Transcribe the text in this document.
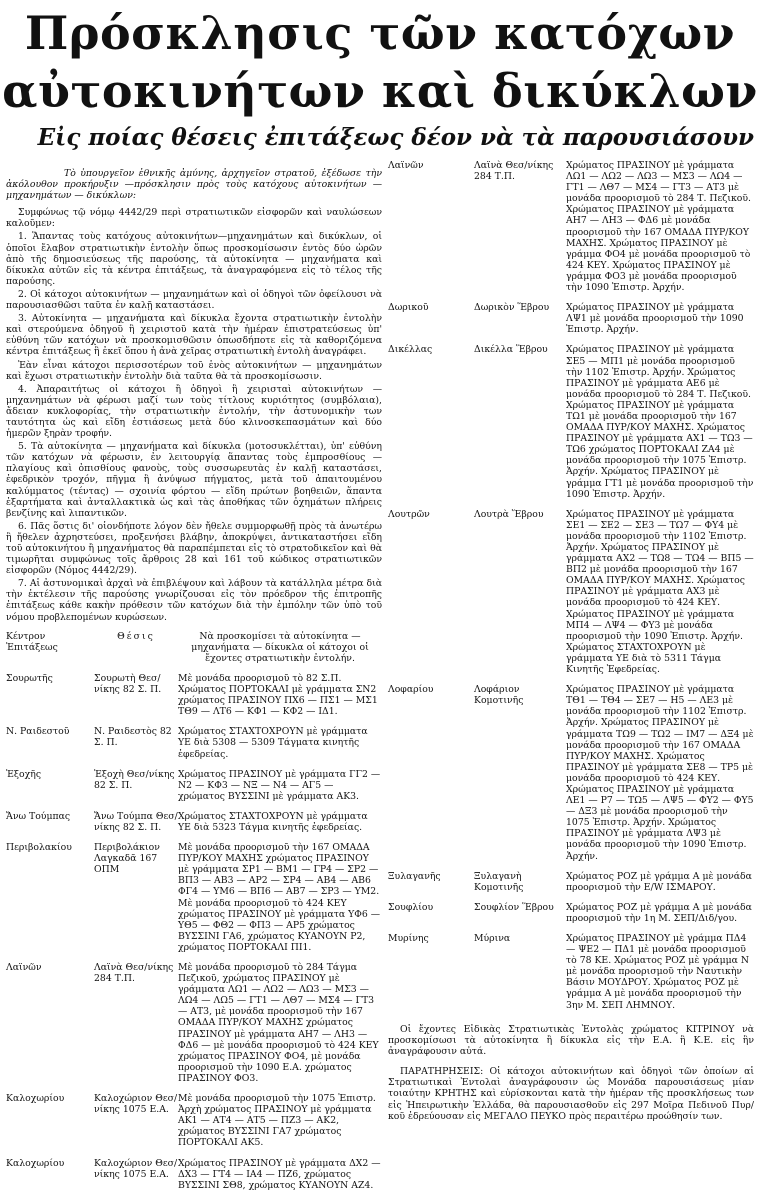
Πρόσκλησις τῶν κατόχων
αὐτοκινήτων καὶ δικύκλων
Εἰς ποίας θέσεις ἐπιτάξεως δέον νὰ τὰ παρουσιάσουν

Τὸ ὑπουργεῖον ἐθνικῆς ἀμύνης, ἀρχηγεῖον στρατοῦ, ἐξέδωσε τὴν ἀκόλουθον προκήρυξιν —πρόσκλησιν πρὸς τοὺς κατόχους αὐτοκινήτων — μηχανημάτων — δικύκλων:

Συμφώνως τῷ νόμῳ 4442/29 περὶ στρατιωτικῶν εἰσφορῶν καὶ ναυλώσεων καλοῦμεν:

1. Ἅπαντας τοὺς κατόχους αὐτοκινήτων—μηχανημάτων καὶ δικύκλων, οἱ ὁποῖοι ἔλαβον στρατιωτικὴν ἐντολὴν ὅπως προσκομίσωσιν ἐντὸς δύο ὡρῶν ἀπὸ τῆς δημοσιεύσεως τῆς παρούσης, τὰ αὐτοκίνητα — μηχανήματα καὶ δίκυκλα αὐτῶν εἰς τὰ κέντρα ἐπιτάξεως, τὰ ἀναγραφόμενα εἰς τὸ τέλος τῆς παρούσης.

2. Οἱ κάτοχοι αὐτοκινήτων — μηχανημάτων καὶ οἱ ὁδηγοὶ τῶν ὀφείλουσι νὰ παρουσιασθῶσι ταῦτα ἐν καλῇ καταστάσει.

3. Αὐτοκίνητα — μηχανήματα καὶ δίκυκλα ἔχοντα στρατιωτικὴν ἐντολὴν καὶ στερούμενα ὁδηγοῦ ἢ χειριστοῦ κατὰ τὴν ἡμέραν ἐπιστρατεύσεως ὑπ' εὐθύνη τῶν κατόχων νὰ προσκομισθῶσιν ὁπωσδήποτε εἰς τὰ καθοριζόμενα κέντρα ἐπιτάξεως ἢ ἐκεῖ ὅπου ἡ ἀνὰ χεῖρας στρατιωτικὴ ἐντολὴ ἀναγράφει.

Ἐὰν εἶναι κάτοχοι περισσοτέρων τοῦ ἑνὸς αὐτοκινήτων — μηχανημάτων καὶ ἔχωσι στρατιωτικὴν ἐντολὴν διὰ ταῦτα θὰ τὰ προσκομίσωσιν.

4. Ἀπαραιτήτως οἱ κάτοχοι ἢ ὁδηγοὶ ἢ χειρισταὶ αὐτοκινήτων — μηχανημάτων νὰ φέρωσι μαζί των τοὺς τίτλους κυριότητος (συμβόλαια), ἄδειαν κυκλοφορίας, τὴν στρατιωτικὴν ἐντολήν, τὴν ἀστυνομικὴν των ταυτότητα ὡς καὶ εἴδη ἑστιάσεως μετὰ δύο κλινοσκεπασμάτων καὶ δύο ἡμερῶν ξηρὰν τροφήν.

5. Τὰ αὐτοκίνητα — μηχανήματα καὶ δίκυκλα (μοτοσυκλέτται), ὑπ' εὐθύνη τῶν κατόχων νὰ φέρωσιν, ἐν λειτουργίᾳ ἅπαντας τοὺς ἐμπροσθίους — πλαγίους καὶ ὀπισθίους φανοὺς, τοὺς συσσωρευτὰς ἐν καλῇ καταστάσει, ἐφεδρικὸν τροχόν, πῆγμα ἢ ἀνύψωσ πήγματος, μετὰ τοῦ ἀπαιτουμένου καλύμματος (τέντας) — σχοινία φόρτου — εἴδη πρώτων βοηθειῶν, ἅπαντα ἐξαρτήματα καὶ ἀνταλλακτικὰ ὡς καὶ τὰς ἀποθήκας τῶν ὀχημάτων πλήρεις βενζίνης καὶ λιπαντικῶν.

6. Πᾶς ὅστις δι' οἱονδήποτε λόγον δὲν ἤθελε συμμορφωθῇ πρὸς τὰ ἀνωτέρω ἢ ἤθελεν ἀχρηστεύσει, προξενήσει βλάβην, ἀποκρύψει, ἀντικαταστήσει εἴδη τοῦ αὐτοκινήτου ἢ μηχανήματος θὰ παραπέμπεται εἰς τὸ στρατοδικεῖον καὶ θὰ τιμωρῆται συμφώνως τοῖς ἄρθροις 28 καὶ 161 τοῦ κώδικος στρατιωτικῶν εἰσφορῶν (Νόμος 4442/29).

7. Αἱ ἀστυνομικαὶ ἀρχαὶ νὰ ἐπιβλέψουν καὶ λάβουν τὰ κατάλληλα μέτρα διὰ τὴν ἐκτέλεσιν τῆς παρούσης γνωρίζουσαι εἰς τὸν πρόεδρον τῆς ἐπιτροπῆς ἐπιτάξεως κάθε κακὴν πρόθεσιν τῶν κατόχων διὰ τὴν ἐμπόλην τῶν ὑπὸ τοῦ νόμου προβλεπομένων κυρώσεων.

Κέντρον Ἐπιτάξεως	Θέσις	Νὰ προσκομίσει τὰ αὐτοκίνητα — μηχανήματα — δίκυκλα οἱ κάτοχοι οἱ ἔχοντες στρατιωτικὴν ἐντολήν.
Σουρωτῆς	Σουρωτὴ Θεσ/νίκης 82 Σ. Π.	Μὲ μονάδα προορισμοῦ τὸ 82 Σ.Π. Χρώματος ΠΟΡΤΟΚΑΛΙ μὲ γράμματα ΣΝ2 χρώματος ΠΡΑΣΙΝΟΥ ΠΧ6 — ΠΣ1 — ΜΣ1 ΤΘ9 — ΛΤ6 — ΚΦ1 — ΚΦ2 — ΙΔ1.
Ν. Ραιδεστοῦ	Ν. Ραιδεστὸς 82 Σ. Π.	Χρώματος ΣΤΑΧΤΟΧΡΟΥΝ μὲ γράμματα ΥΕ διὰ 5308 — 5309 Τάγματα κινητῆς ἐφεδρείας.
Ἐξοχῆς	Ἐξοχὴ Θεσ/νίκης 82 Σ. Π.	Χρώματος ΠΡΑΣΙΝΟΥ μὲ γράμματα ΓΓ2 — Ν2 — ΚΦ3 — ΝΞ — Ν4 — ΑΓ5 — χρώματος ΒΥΣΣΙΝΙ μὲ γράμματα ΑΚ3.
Ἄνω Τούμπας	Ἄνω Τούμπα Θεσ/νίκης 82 Σ. Π.	Χρώματος ΣΤΑΧΤΟΧΡΟΥΝ μὲ γράμματα ΥΕ διὰ 5323 Τάγμα κινητῆς ἐφεδρείας.
Περιβολακίου	Περιβολάκιον Λαγκαδᾶ 167 ΟΠΜ	Μὲ μονάδα προορισμοῦ τὴν 167 ΟΜΑΔΑ ΠΥΡ/ΚΟΥ ΜΑΧΗΣ χρώματος ΠΡΑΣΙΝΟΥ μὲ γράμματα ΣΡ1 — ΒΜ1 — ΓΡ4 — ΣΡ2 — ΒΠ3 — ΑΒ3 — ΑΡ2 — ΣΡ4 — ΑΒ4 — ΑΒ6 ΦΓ4 — ΥΜ6 — ΒΠ6 — ΑΒ7 — ΣΡ3 — ΥΜ2. Μὲ μονάδα προορισμοῦ τὸ 424 ΚΕΥ χρώματος ΠΡΑΣΙΝΟΥ μὲ γράμματα ΥΦ6 — ΥΘ5 — ΦΘ2 — ΦΠ3 — ΑΡ5 χρώματος ΒΥΣΣΙΝΙ ΓΑ6, χρώματος ΚΥΑΝΟΥΝ Ρ2, χρώματος ΠΟΡΤΟΚΑΛΙ ΠΙ1.
Λαϊνῶν	Λαϊνὰ Θεσ/νίκης 284 Τ.Π.	Μὲ μονάδα προορισμοῦ τὸ 284 Τάγμα Πεζικοῦ, χρώματος ΠΡΑΣΙΝΟΥ μὲ γράμματα ΛΩ1 — ΛΩ2 — ΛΩ3 — ΜΣ3 — ΛΩ4 — ΛΩ5 — ΓΤ1 — ΛΘ7 — ΜΣ4 — ΓΤ3 — ΑΤ3, μὲ μονάδα προορισμοῦ τὴν 167 ΟΜΑΔΑ ΠΥΡ/ΚΟΥ ΜΑΧΗΣ χρώματος ΠΡΑΣΙΝΟΥ μὲ γράμματα ΑΗ7 — ΛΗ3 — ΦΔ6 — μὲ μονάδα προορισμοῦ τὸ 424 ΚΕΥ χρώματος ΠΡΑΣΙΝΟΥ ΦΟ4, μὲ μονάδα προορισμοῦ τὴν 1090 Ε.Α. χρώματος ΠΡΑΣΙΝΟΥ ΦΟ3.
Καλοχωρίου	Καλοχώριον Θεσ/νίκης 1075 Ε.Α.	Μὲ μονάδα προορισμοῦ τὴν 1075 Ἐπιστρ. Ἀρχὴ χρώματος ΠΡΑΣΙΝΟΥ μὲ γράμματα ΑΚ1 — ΑΤ4 — ΑΤ5 — ΠΖ3 — ΑΚ2, χρώματος ΒΥΣΣΙΝΙ ΓΑ7 χρώματος ΠΟΡΤΟΚΑΛΙ ΑΚ5.
Καλοχωρίου	Καλοχώριον Θεσ/νίκης 1075 Ε.Α.	Χρώματος ΠΡΑΣΙΝΟΥ μὲ γράμματα ΔΧ2 — ΔΧ3 — ΓΤ4 — ΙΑ4 — ΠΖ6, χρώματος ΒΥΣΣΙΝΙ ΣΘ8, χρώματος ΚΥΑΝΟΥΝ ΑΖ4.
Λαϊνῶν	Λαϊνὰ Θεσ/νίκης 284 Τ.Π.	Χρώματος ΠΡΑΣΙΝΟΥ μὲ γράμματα ΛΩ1 — ΛΩ2 — ΛΩ3 — ΜΣ3 — ΛΩ4 — ΓΤ1 — ΛΘ7 — ΜΣ4 — ΓΤ3 — ΑΤ3 μὲ μονάδα προορισμοῦ τὸ 284 Τ. Πεζικοῦ. Χρώματος ΠΡΑΣΙΝΟΥ μὲ γράμματα ΑΗ7 — ΛΗ3 — ΦΔ6 μὲ μονάδα προορισμοῦ τὴν 167 ΟΜΑΔΑ ΠΥΡ/ΚΟΥ ΜΑΧΗΣ. Χρώματος ΠΡΑΣΙΝΟΥ μὲ γράμμα ΦΟ4 μὲ μονάδα προορισμοῦ τὸ 424 ΚΕΥ. Χρώματος ΠΡΑΣΙΝΟΥ μὲ γράμμα ΦΟ3 μὲ μονάδα προορισμοῦ τὴν 1090 Ἐπιστρ. Ἀρχήν.
Δωρικοῦ	Δωρικὸν Ἕβρου	Χρώματος ΠΡΑΣΙΝΟΥ μὲ γράμματα ΛΨ1 μὲ μονάδα προορισμοῦ τὴν 1090 Ἐπιστρ. Ἀρχήν.
Δικέλλας	Δικέλλα Ἕβρου	Χρώματος ΠΡΑΣΙΝΟΥ μὲ γράμματα ΣΕ5 — ΜΠ1 μὲ μονάδα προορισμοῦ τὴν 1102 Ἐπιστρ. Ἀρχήν. Χρώματος ΠΡΑΣΙΝΟΥ μὲ γράμματα ΑΕ6 μὲ μονάδα προορισμοῦ τὸ 284 Τ. Πεζικοῦ. Χρώματος ΠΡΑΣΙΝΟΥ μὲ γράμματα ΤΩ1 μὲ μονάδα προορισμοῦ τὴν 167 ΟΜΑΔΑ ΠΥΡ/ΚΟΥ ΜΑΧΗΣ. Χρώματος ΠΡΑΣΙΝΟΥ μὲ γράμματα ΑΧ1 — ΤΩ3 — ΤΩ6 χρώματος ΠΟΡΤΟΚΑΛΙ ΖΑ4 μὲ μονάδα προορισμοῦ τὴν 1075 Ἐπιστρ. Ἀρχήν. Χρώματος ΠΡΑΣΙΝΟΥ μὲ γράμμα ΓΤ1 μὲ μονάδα προορισμοῦ τὴν 1090 Ἐπιστρ. Ἀρχήν.
Λουτρῶν	Λουτρὰ Ἕβρου	Χρώματος ΠΡΑΣΙΝΟΥ μὲ γράμματα ΣΕ1 — ΣΕ2 — ΣΕ3 — ΤΩ7 — ΦΥ4 μὲ μονάδα προορισμοῦ τὴν 1102 Ἐπιστρ. Ἀρχήν. Χρώματος ΠΡΑΣΙΝΟΥ μὲ γράμματα ΑΧ2 — ΤΩ8 — ΤΩ4 — ΒΠ5 — ΒΠ2 μὲ μονάδα προορισμοῦ τὴν 167 ΟΜΑΔΑ ΠΥΡ/ΚΟΥ ΜΑΧΗΣ. Χρώματος ΠΡΑΣΙΝΟΥ μὲ γράμματα ΑΧ3 μὲ μονάδα προορισμοῦ τὸ 424 ΚΕΥ. Χρώματος ΠΡΑΣΙΝΟΥ μὲ γράμματα ΜΠ4 — ΛΨ4 — ΦΥ3 μὲ μονάδα προορισμοῦ τὴν 1090 Ἐπιστρ. Ἀρχήν. Χρώματος ΣΤΑΧΤΟΧΡΟΥΝ μὲ γράμματα ΥΕ διὰ τὸ 5311 Τάγμα Κινητῆς Ἐφεδρείας.
Λοφαρίου	Λοφάριον Κομοτινῆς	Χρώματος ΠΡΑΣΙΝΟΥ μὲ γράμματα ΤΘ1 — ΤΘ4 — ΣΕ7 — Η5 — ΛΕ3 μὲ μονάδα προορισμοῦ τὴν 1102 Ἐπιστρ. Ἀρχήν. Χρώματος ΠΡΑΣΙΝΟΥ μὲ γράμματα ΤΩ9 — ΤΩ2 — ΙΜ7 — ΔΞ4 μὲ μονάδα προορισμοῦ τὴν 167 ΟΜΑΔΑ ΠΥΡ/ΚΟΥ ΜΑΧΗΣ. Χρώματος ΠΡΑΣΙΝΟΥ μὲ γράμματα ΣΕ8 — ΤΡ5 μὲ μονάδα προορισμοῦ τὸ 424 ΚΕΥ. Χρώματος ΠΡΑΣΙΝΟΥ μὲ γράμματα ΛΕ1 — Ρ7 — ΤΩ5 — ΛΨ5 — ΦΥ2 — ΦΥ5 — ΔΞ3 μὲ μονάδα προορισμοῦ τὴν 1075 Ἐπιστρ. Ἀρχήν. Χρώματος ΠΡΑΣΙΝΟΥ μὲ γράμματα ΛΨ3 μὲ μονάδα προορισμοῦ τὴν 1090 Ἐπιστρ. Ἀρχήν.
Ξυλαγανῆς	Ξυλαγανὴ Κομοτινῆς	Χρώματος ΡΟΖ μὲ γράμμα Α μὲ μονάδα προορισμοῦ τὴν Ε/W ΙΣΜΑΡΟΥ.
Σουφλίου	Σουφλίον Ἕβρου	Χρώματος ΡΟΖ μὲ γράμμα Α μὲ μονάδα προορισμοῦ τὴν 1η Μ. ΣΕΠ/Διδ/γου.
Μυρίνης	Μύρινα	Χρώματος ΠΡΑΣΙΝΟΥ μὲ γράμμα ΠΔ4 — ΨΕ2 — ΠΔ1 μὲ μονάδα προορισμοῦ τὸ 78 ΚΕ. Χρώματος ΡΟΖ μὲ γράμμα Ν μὲ μονάδα προορισμοῦ τὴν Ναυτικὴν Βάσιν ΜΟΥΔΡΟΥ. Χρώματος ΡΟΖ μὲ γράμμα Α μὲ μονάδα προορισμοῦ τὴν 3ην Μ. ΣΕΠ ΛΗΜΝΟΥ.

Οἱ ἔχοντες Εἰδικὰς Στρατιωτικὰς Ἐντολὰς χρώματος ΚΙΤΡΙΝΟΥ νὰ προσκομίσωσι τὰ αὐτοκίνητα ἢ δίκυκλα εἰς τὴν Ε.Α. ἢ Κ.Ε. εἰς ἣν ἀναγράφουσιν αὐτά.

ΠΑΡΑΤΗΡΗΣΕΙΣ: Οἱ κάτοχοι αὐτοκινήτων καὶ ὁδηγοὶ τῶν ὁποίων αἱ Στρατιωτικαὶ Ἐντολαὶ ἀναγράφουσιν ὡς Μονάδα παρουσιάσεως μίαν τοιαύτην ΚΡΗΤΗΣ καὶ εὑρίσκονται κατὰ τὴν ἡμέραν τῆς προσκλήσεως των εἰς Ἠπειρωτικὴν Ἑλλάδα, θὰ παρουσιασθοῦν εἰς 297 Μοῖρα Πεδινοῦ Πυρ/κοῦ ἐδρεύουσαν εἰς ΜΕΓΑΛΟ ΠΕΥΚΟ πρὸς περαιτέρω προώθησίν των.
